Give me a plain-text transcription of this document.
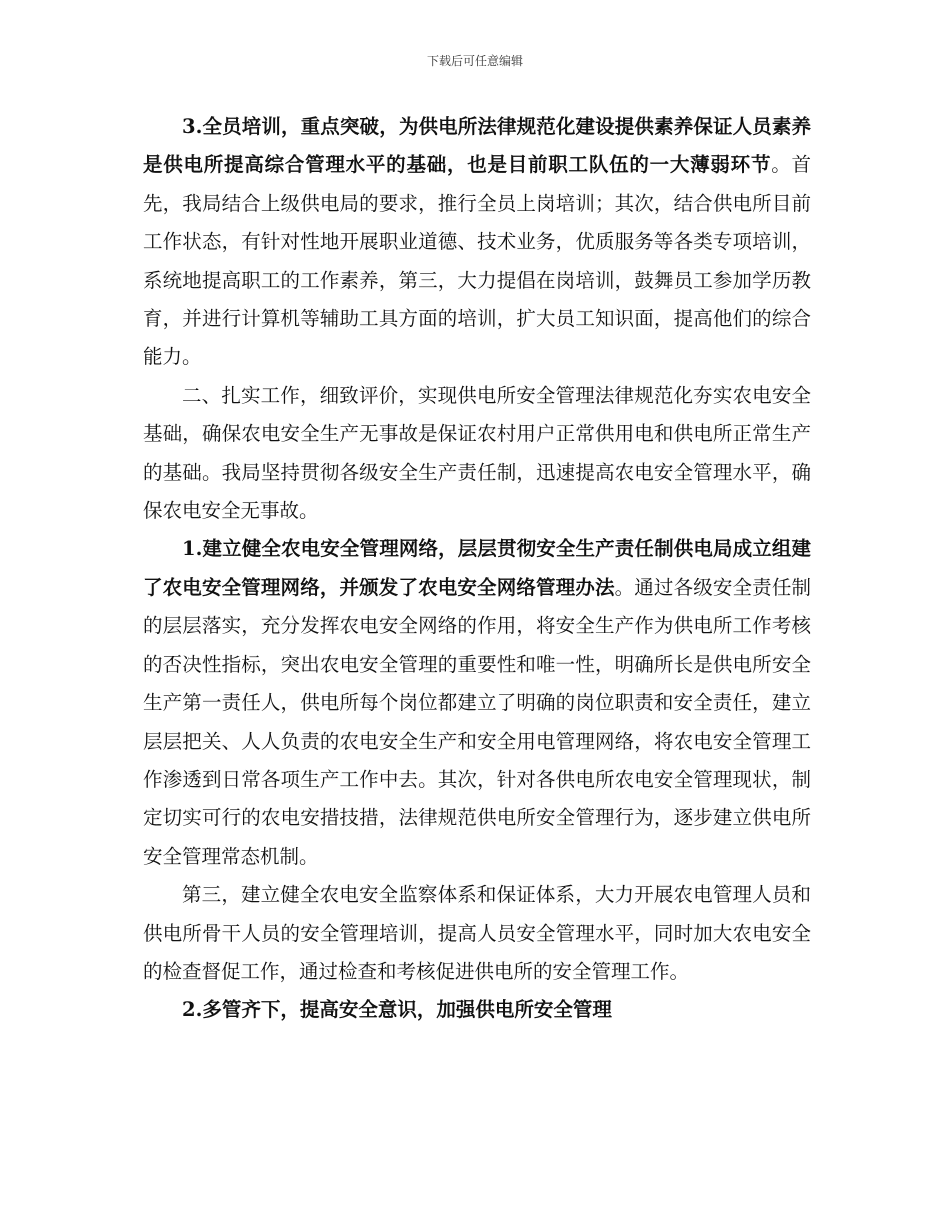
下载后可任意编辑

3.全员培训，重点突破，为供电所法律规范化建设提供素养保证人员素养是供电所提高综合管理水平的基础，也是目前职工队伍的一大薄弱环节。首先，我局结合上级供电局的要求，推行全员上岗培训；其次，结合供电所目前工作状态，有针对性地开展职业道德、技术业务，优质服务等各类专项培训，系统地提高职工的工作素养，第三，大力提倡在岗培训，鼓舞员工参加学历教育，并进行计算机等辅助工具方面的培训，扩大员工知识面，提高他们的综合能力。

二、扎实工作，细致评价，实现供电所安全管理法律规范化夯实农电安全基础，确保农电安全生产无事故是保证农村用户正常供用电和供电所正常生产的基础。我局坚持贯彻各级安全生产责任制，迅速提高农电安全管理水平，确保农电安全无事故。

1.建立健全农电安全管理网络，层层贯彻安全生产责任制供电局成立组建了农电安全管理网络，并颁发了农电安全网络管理办法。通过各级安全责任制的层层落实，充分发挥农电安全网络的作用，将安全生产作为供电所工作考核的否决性指标，突出农电安全管理的重要性和唯一性，明确所长是供电所安全生产第一责任人，供电所每个岗位都建立了明确的岗位职责和安全责任，建立层层把关、人人负责的农电安全生产和安全用电管理网络，将农电安全管理工作渗透到日常各项生产工作中去。其次，针对各供电所农电安全管理现状，制定切实可行的农电安措技措，法律规范供电所安全管理行为，逐步建立供电所安全管理常态机制。

第三，建立健全农电安全监察体系和保证体系，大力开展农电管理人员和供电所骨干人员的安全管理培训，提高人员安全管理水平，同时加大农电安全的检查督促工作，通过检查和考核促进供电所的安全管理工作。

2.多管齐下，提高安全意识，加强供电所安全管理
